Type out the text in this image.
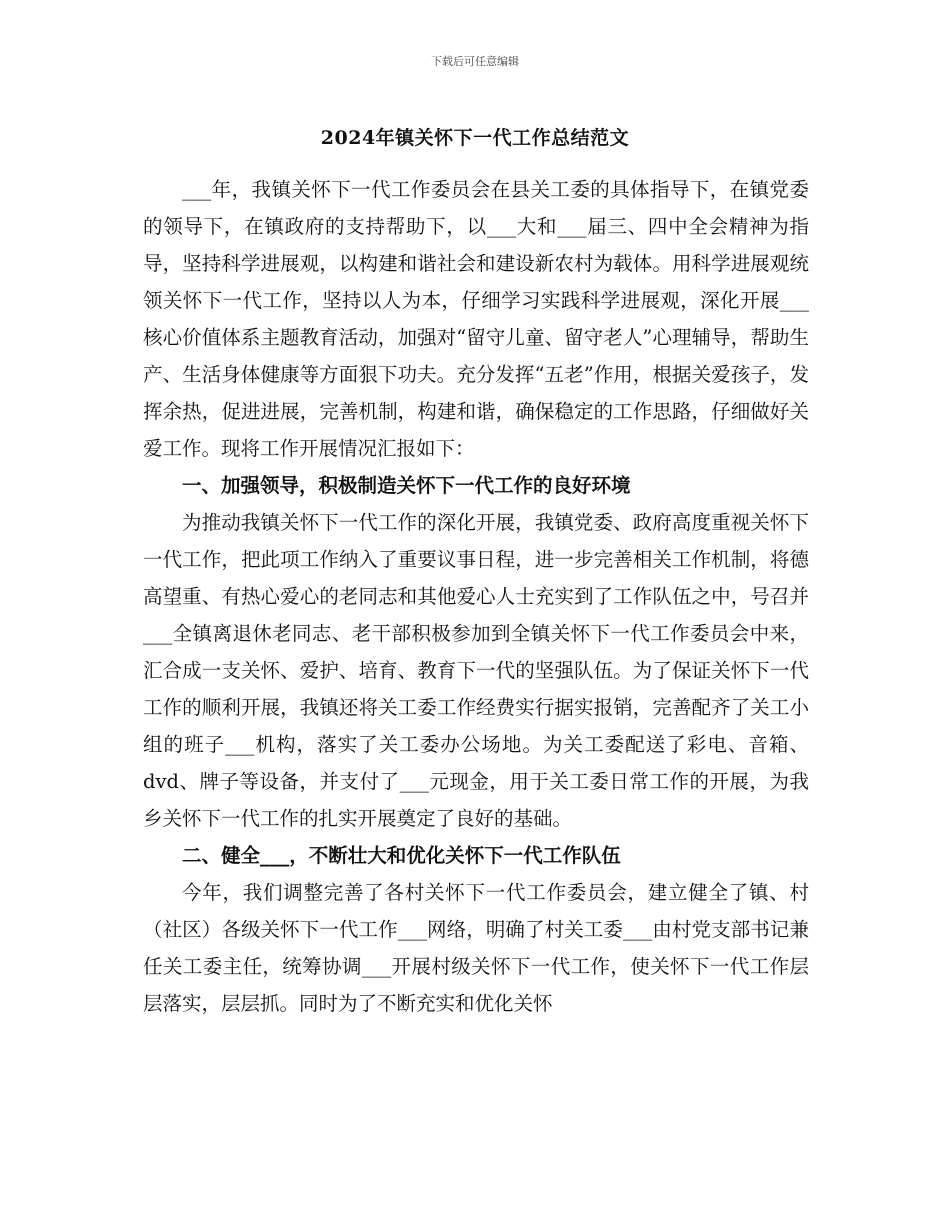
下载后可任意编辑
2024年镇关怀下一代工作总结范文

___年，我镇关怀下一代工作委员会在县关工委的具体指导下，在镇党委的领导下，在镇政府的支持帮助下，以___大和___届三、四中全会精神为指导，坚持科学进展观，以构建和谐社会和建设新农村为载体。用科学进展观统领关怀下一代工作，坚持以人为本，仔细学习实践科学进展观，深化开展___核心价值体系主题教育活动，加强对“留守儿童、留守老人”心理辅导，帮助生产、生活身体健康等方面狠下功夫。充分发挥“五老”作用，根据关爱孩子，发挥余热，促进进展，完善机制，构建和谐，确保稳定的工作思路，仔细做好关爱工作。现将工作开展情况汇报如下：

一、加强领导，积极制造关怀下一代工作的良好环境

为推动我镇关怀下一代工作的深化开展，我镇党委、政府高度重视关怀下一代工作，把此项工作纳入了重要议事日程，进一步完善相关工作机制，将德高望重、有热心爱心的老同志和其他爱心人士充实到了工作队伍之中，号召并___全镇离退休老同志、老干部积极参加到全镇关怀下一代工作委员会中来，汇合成一支关怀、爱护、培育、教育下一代的坚强队伍。为了保证关怀下一代工作的顺利开展，我镇还将关工委工作经费实行据实报销，完善配齐了关工小组的班子___机构，落实了关工委办公场地。为关工委配送了彩电、音箱、dvd、牌子等设备，并支付了___元现金，用于关工委日常工作的开展，为我乡关怀下一代工作的扎实开展奠定了良好的基础。

二、健全___，不断壮大和优化关怀下一代工作队伍

今年，我们调整完善了各村关怀下一代工作委员会，建立健全了镇、村（社区）各级关怀下一代工作___网络，明确了村关工委___由村党支部书记兼任关工委主任，统筹协调___开展村级关怀下一代工作，使关怀下一代工作层层落实，层层抓。同时为了不断充实和优化关怀
